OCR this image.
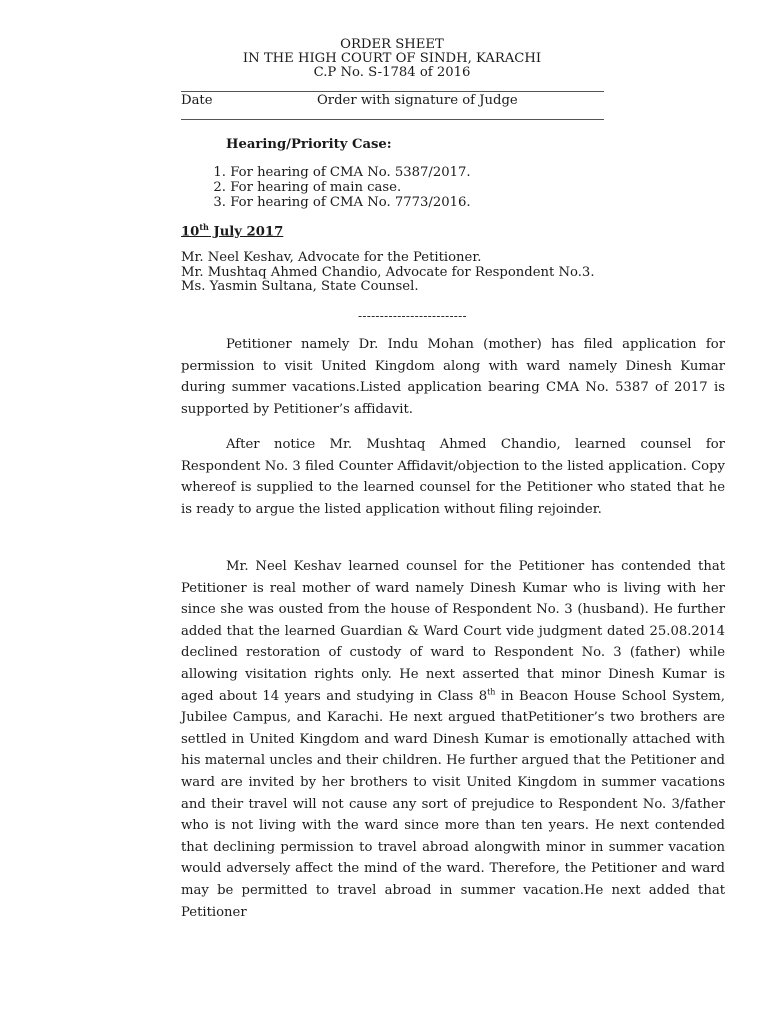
ORDER SHEET
IN THE HIGH COURT OF SINDH, KARACHI
C.P No. S-1784 of 2016
Date	Order with signature of Judge
Hearing/Priority Case:
1. For hearing of CMA No. 5387/2017.
2. For hearing of main case.
3. For hearing of CMA No. 7773/2016.
10th July 2017
Mr. Neel Keshav, Advocate for the Petitioner.
Mr. Mushtaq Ahmed Chandio, Advocate for Respondent No.3.
Ms. Yasmin Sultana, State Counsel.
-------------------------
Petitioner namely Dr. Indu Mohan (mother) has filed application for permission to visit United Kingdom along with ward namely Dinesh Kumar during summer vacations.Listed application bearing CMA No. 5387 of 2017 is supported by Petitioner’s affidavit.
After notice Mr. Mushtaq Ahmed Chandio, learned counsel for Respondent No. 3 filed Counter Affidavit/objection to the listed application. Copy whereof is supplied to the learned counsel for the Petitioner who stated that he is ready to argue the listed application without filing rejoinder.
Mr. Neel Keshav learned counsel for the Petitioner has contended that Petitioner is real mother of ward namely Dinesh Kumar who is living with her since she was ousted from the house of Respondent No. 3 (husband). He further added that the learned Guardian & Ward Court vide judgment dated 25.08.2014 declined restoration of custody of ward to Respondent No. 3 (father) while allowing visitation rights only. He next asserted that minor Dinesh Kumar is aged about 14 years and studying in Class 8th in Beacon House School System, Jubilee Campus, and Karachi. He next argued thatPetitioner’s two brothers are settled in United Kingdom and ward Dinesh Kumar is emotionally attached with his maternal uncles and their children. He further argued that the Petitioner and ward are invited by her brothers to visit United Kingdom in summer vacations and their travel will not cause any sort of prejudice to Respondent No. 3/father who is not living with the ward since more than ten years. He next contended that declining permission to travel abroad alongwith minor in summer vacation would adversely affect the mind of the ward. Therefore, the Petitioner and ward may be permitted to travel abroad in summer vacation.He next added that Petitioner
